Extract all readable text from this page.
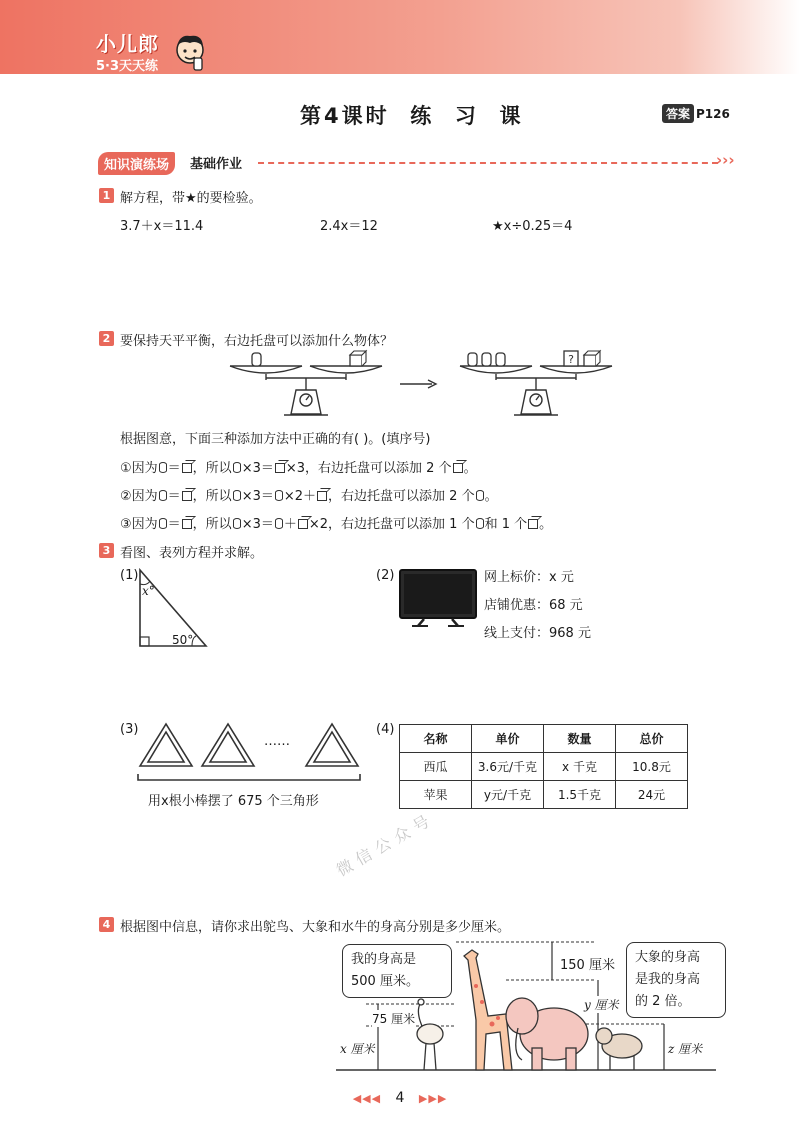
小儿郎
5·3天天练
第4课时  练  习  课	答案 P126
知识演练场	基础作业	›››
1 解方程，带★的要检验。
3.7＋x＝11.4	2.4x＝12	★x÷0.25＝4
2 要保持天平平衡，右边托盘可以添加什么物体？
?
根据图意，下面三种添加方法中正确的有( )。(填序号)
①因为 ＝ ，所以 ×3＝ ×3，右边托盘可以添加 2 个 。
②因为 ＝ ，所以 ×3＝ ×2＋ ，右边托盘可以添加 2 个 。
③因为 ＝ ，所以 ×3＝ ＋ ×2，右边托盘可以添加 1 个 和 1 个 。
3 看图、表列方程并求解。
(1)
x°
50°
(2)	网上标价：x 元
店铺优惠：68 元
线上支付：968 元
(3)
……
用x根小棒摆了 675 个三角形
(4)
名称	单价	数量	总价
西瓜	3.6元/千克	x 千克	10.8元
苹果	y元/千克	1.5千克	24元
微信公众号
4 根据图中信息，请你求出鸵鸟、大象和水牛的身高分别是多少厘米。
我的身高是
500 厘米。
大象的身高
是我的身高
的 2 倍。
150 厘米
75 厘米
x 厘米
y 厘米
z 厘米
◀◀◀ 4 ▶▶▶
